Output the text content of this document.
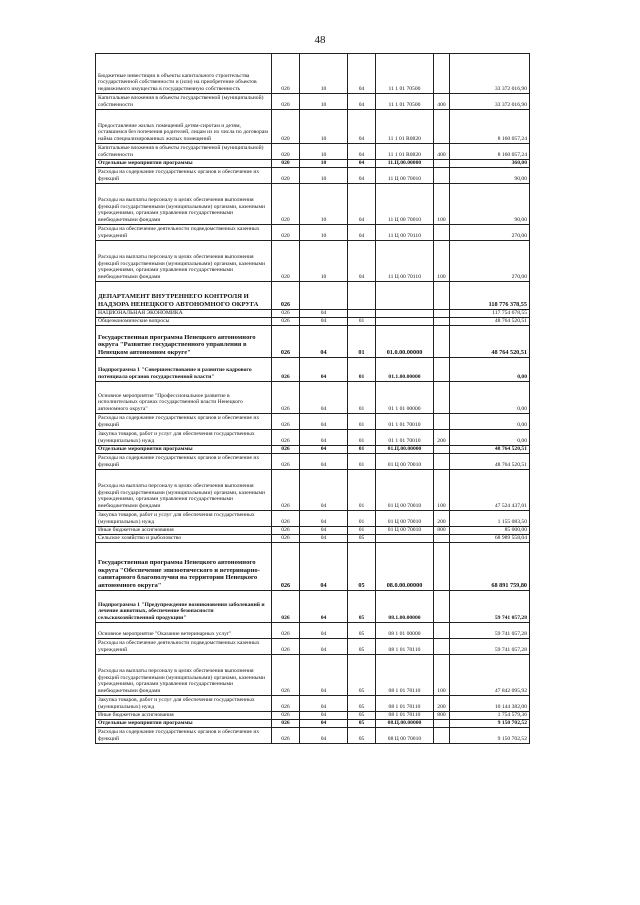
48
Бюджетные инвестиции в объекты капитального строительства государственной собственности и (или) на приобретение объектов недвижимого имущества в государственную собственность	020	10	04	11 1 01 70500		33 372 016,90
Капитальные вложения в объекты государственной (муниципальной) собственности	020	10	04	11 1 01 70500	400	33 372 016,90
Предоставление жилых помещений детям-сиротам и детям, оставшимся без попечения родителей, лицам из их числа по договорам найма специализированных жилых помещений	020	10	04	11 1 01 R0820		8 160 057,24
Капитальные вложения в объекты государственной (муниципальной) собственности	020	10	04	11 1 01 R0820	400	8 160 057,24
Отдельные мероприятия программы	020	10	04	11.Ц.00.00000		360,00
Расходы на содержание государственных органов и обеспечение их функций	020	10	04	11 Ц 00 70010		90,00
Расходы на выплаты персоналу в целях обеспечения выполнения функций государственными (муниципальными) органами, казенными учреждениями, органами управления государственными внебюджетными фондами	020	10	04	11 Ц 00 70010	100	90,00
Расходы на обеспечение деятельности подведомственных казенных учреждений	020	10	04	11 Ц 00 70110		270,00
Расходы на выплаты персоналу в целях обеспечения выполнения функций государственными (муниципальными) органами, казенными учреждениями, органами управления государственными внебюджетными фондами	020	10	04	11 Ц 00 70110	100	270,00
ДЕПАРТАМЕНТ ВНУТРЕННЕГО КОНТРОЛЯ И НАДЗОРА НЕНЕЦКОГО АВТОНОМНОГО ОКРУГА	026					118 776 378,55
НАЦИОНАЛЬНАЯ ЭКОНОМИКА	026	04				117 754 678,55
Общеэкономические вопросы	026	04	01			48 764 520,51
Государственная программа Ненецкого автономного округа "Развитие государственного управления в Ненецком автономном округе"	026	04	01	01.0.00.00000		48 764 520,51
Подпрограмма 1 "Совершенствование и развитие кадрового потенциала органов государственной власти"	026	04	01	01.1.00.00000		0,00
Основное мероприятие "Профессиональное развитие в исполнительных органах государственной власти Ненецкого автономного округа"	026	04	01	01 1 01 00000		0,00
Расходы на содержание государственных органов и обеспечение их функций	026	04	01	01 1 01 70010		0,00
Закупка товаров, работ и услуг для обеспечения государственных (муниципальных) нужд	026	04	01	01 1 01 70010	200	0,00
Отдельные мероприятия программы	026	04	01	01.Ц.00.00000		48 764 520,51
Расходы на содержание государственных органов и обеспечение их функций	026	04	01	01 Ц 00 70010		48 764 520,51
Расходы на выплаты персоналу в целях обеспечения выполнения функций государственными (муниципальными) органами, казенными учреждениями, органами управления государственными внебюджетными фондами	026	04	01	01 Ц 00 70010	100	47 524 437,01
Закупка товаров, работ и услуг для обеспечения государственных (муниципальных) нужд	026	04	01	01 Ц 00 70010	200	1 155 083,50
Иные бюджетные ассигнования	026	04	01	01 Ц 00 70010	800	85 000,00
Сельское хозяйство и рыболовство	026	04	05			68 989 558,04
Государственная программа Ненецкого автономного округа "Обеспечение эпизоотического и ветеринарно-санитарного благополучия на территории Ненецкого автономного округа"	026	04	05	08.0.00.00000		68 891 759,80
Подпрограмма 1 "Предупреждение возникновения заболеваний и лечение животных, обеспечение безопасности сельскохозяйственной продукции"	026	04	05	08.1.00.00000		59 741 057,28
Основное мероприятие "Оказание ветеринарных услуг"	026	04	05	08 1 01 00000		59 741 057,28
Расходы на обеспечение деятельности подведомственных казенных учреждений	026	04	05	08 1 01 70110		59 741 057,28
Расходы на выплаты персоналу в целях обеспечения выполнения функций государственными (муниципальными) органами, казенными учреждениями, органами управления государственными внебюджетными фондами	026	04	05	08 1 01 70110	100	47 842 095,92
Закупка товаров, работ и услуг для обеспечения государственных (муниципальных) нужд	026	04	05	08 1 01 70110	200	10 144 382,00
Иные бюджетные ассигнования	026	04	05	08 1 01 70110	800	1 754 579,36
Отдельные мероприятия программы	026	04	05	08.Ц.00.00000		9 150 702,52
Расходы на содержание государственных органов и обеспечение их функций	026	04	05	08 Ц 00 70010		9 150 702,52
